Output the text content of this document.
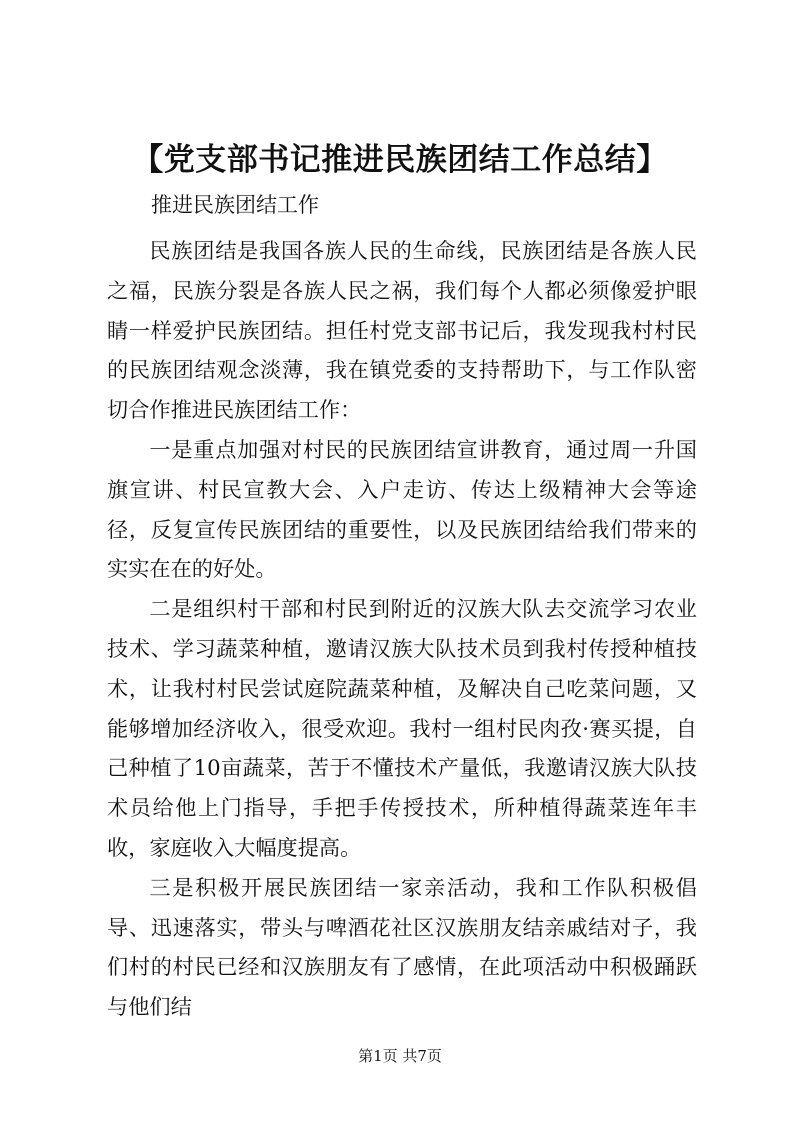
【党支部书记推进民族团结工作总结】
推进民族团结工作

民族团结是我国各族人民的生命线，民族团结是各族人民之福，民族分裂是各族人民之祸，我们每个人都必须像爱护眼睛一样爱护民族团结。担任村党支部书记后，我发现我村村民的民族团结观念淡薄，我在镇党委的支持帮助下，与工作队密切合作推进民族团结工作：

一是重点加强对村民的民族团结宣讲教育，通过周一升国旗宣讲、村民宣教大会、入户走访、传达上级精神大会等途径，反复宣传民族团结的重要性，以及民族团结给我们带来的实实在在的好处。

二是组织村干部和村民到附近的汉族大队去交流学习农业技术、学习蔬菜种植，邀请汉族大队技术员到我村传授种植技术，让我村村民尝试庭院蔬菜种植，及解决自己吃菜问题，又能够增加经济收入，很受欢迎。我村一组村民肉孜·赛买提，自己种植了10亩蔬菜，苦于不懂技术产量低，我邀请汉族大队技术员给他上门指导，手把手传授技术，所种植得蔬菜连年丰收，家庭收入大幅度提高。

三是积极开展民族团结一家亲活动，我和工作队积极倡导、迅速落实，带头与啤酒花社区汉族朋友结亲戚结对子，我们村的村民已经和汉族朋友有了感情，在此项活动中积极踊跃与他们结

第1页 共7页
